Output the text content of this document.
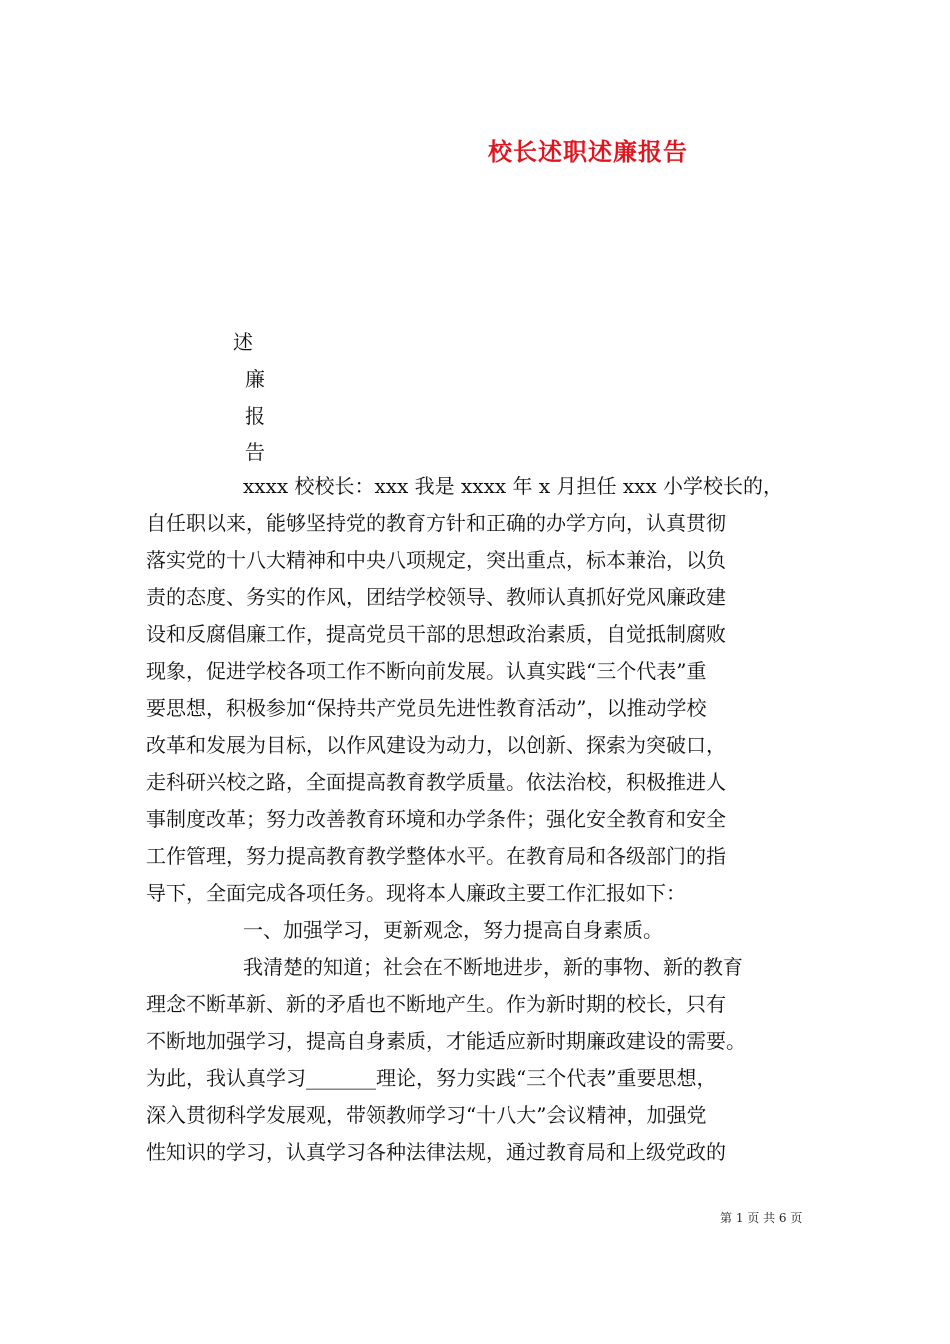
校长述职述廉报告
述
廉
报
告
xxxx 校校长：xxx 我是 xxxx 年 x 月担任 xxx 小学校长的，
自任职以来，能够坚持党的教育方针和正确的办学方向，认真贯彻
落实党的十八大精神和中央八项规定，突出重点，标本兼治，以负
责的态度、务实的作风，团结学校领导、教师认真抓好党风廉政建
设和反腐倡廉工作，提高党员干部的思想政治素质，自觉抵制腐败
现象，促进学校各项工作不断向前发展。认真实践“三个代表”重
要思想，积极参加“保持共产党员先进性教育活动”，以推动学校
改革和发展为目标，以作风建设为动力，以创新、探索为突破口，
走科研兴校之路，全面提高教育教学质量。依法治校，积极推进人
事制度改革；努力改善教育环境和办学条件；强化安全教育和安全
工作管理，努力提高教育教学整体水平。在教育局和各级部门的指
导下，全面完成各项任务。现将本人廉政主要工作汇报如下：
一、加强学习，更新观念，努力提高自身素质。
我清楚的知道；社会在不断地进步，新的事物、新的教育
理念不断革新、新的矛盾也不断地产生。作为新时期的校长，只有
不断地加强学习，提高自身素质，才能适应新时期廉政建设的需要。
为此，我认真学习_______理论，努力实践“三个代表”重要思想，
深入贯彻科学发展观，带领教师学习“十八大”会议精神，加强党
性知识的学习，认真学习各种法律法规，通过教育局和上级党政的
第 1 页 共 6 页
